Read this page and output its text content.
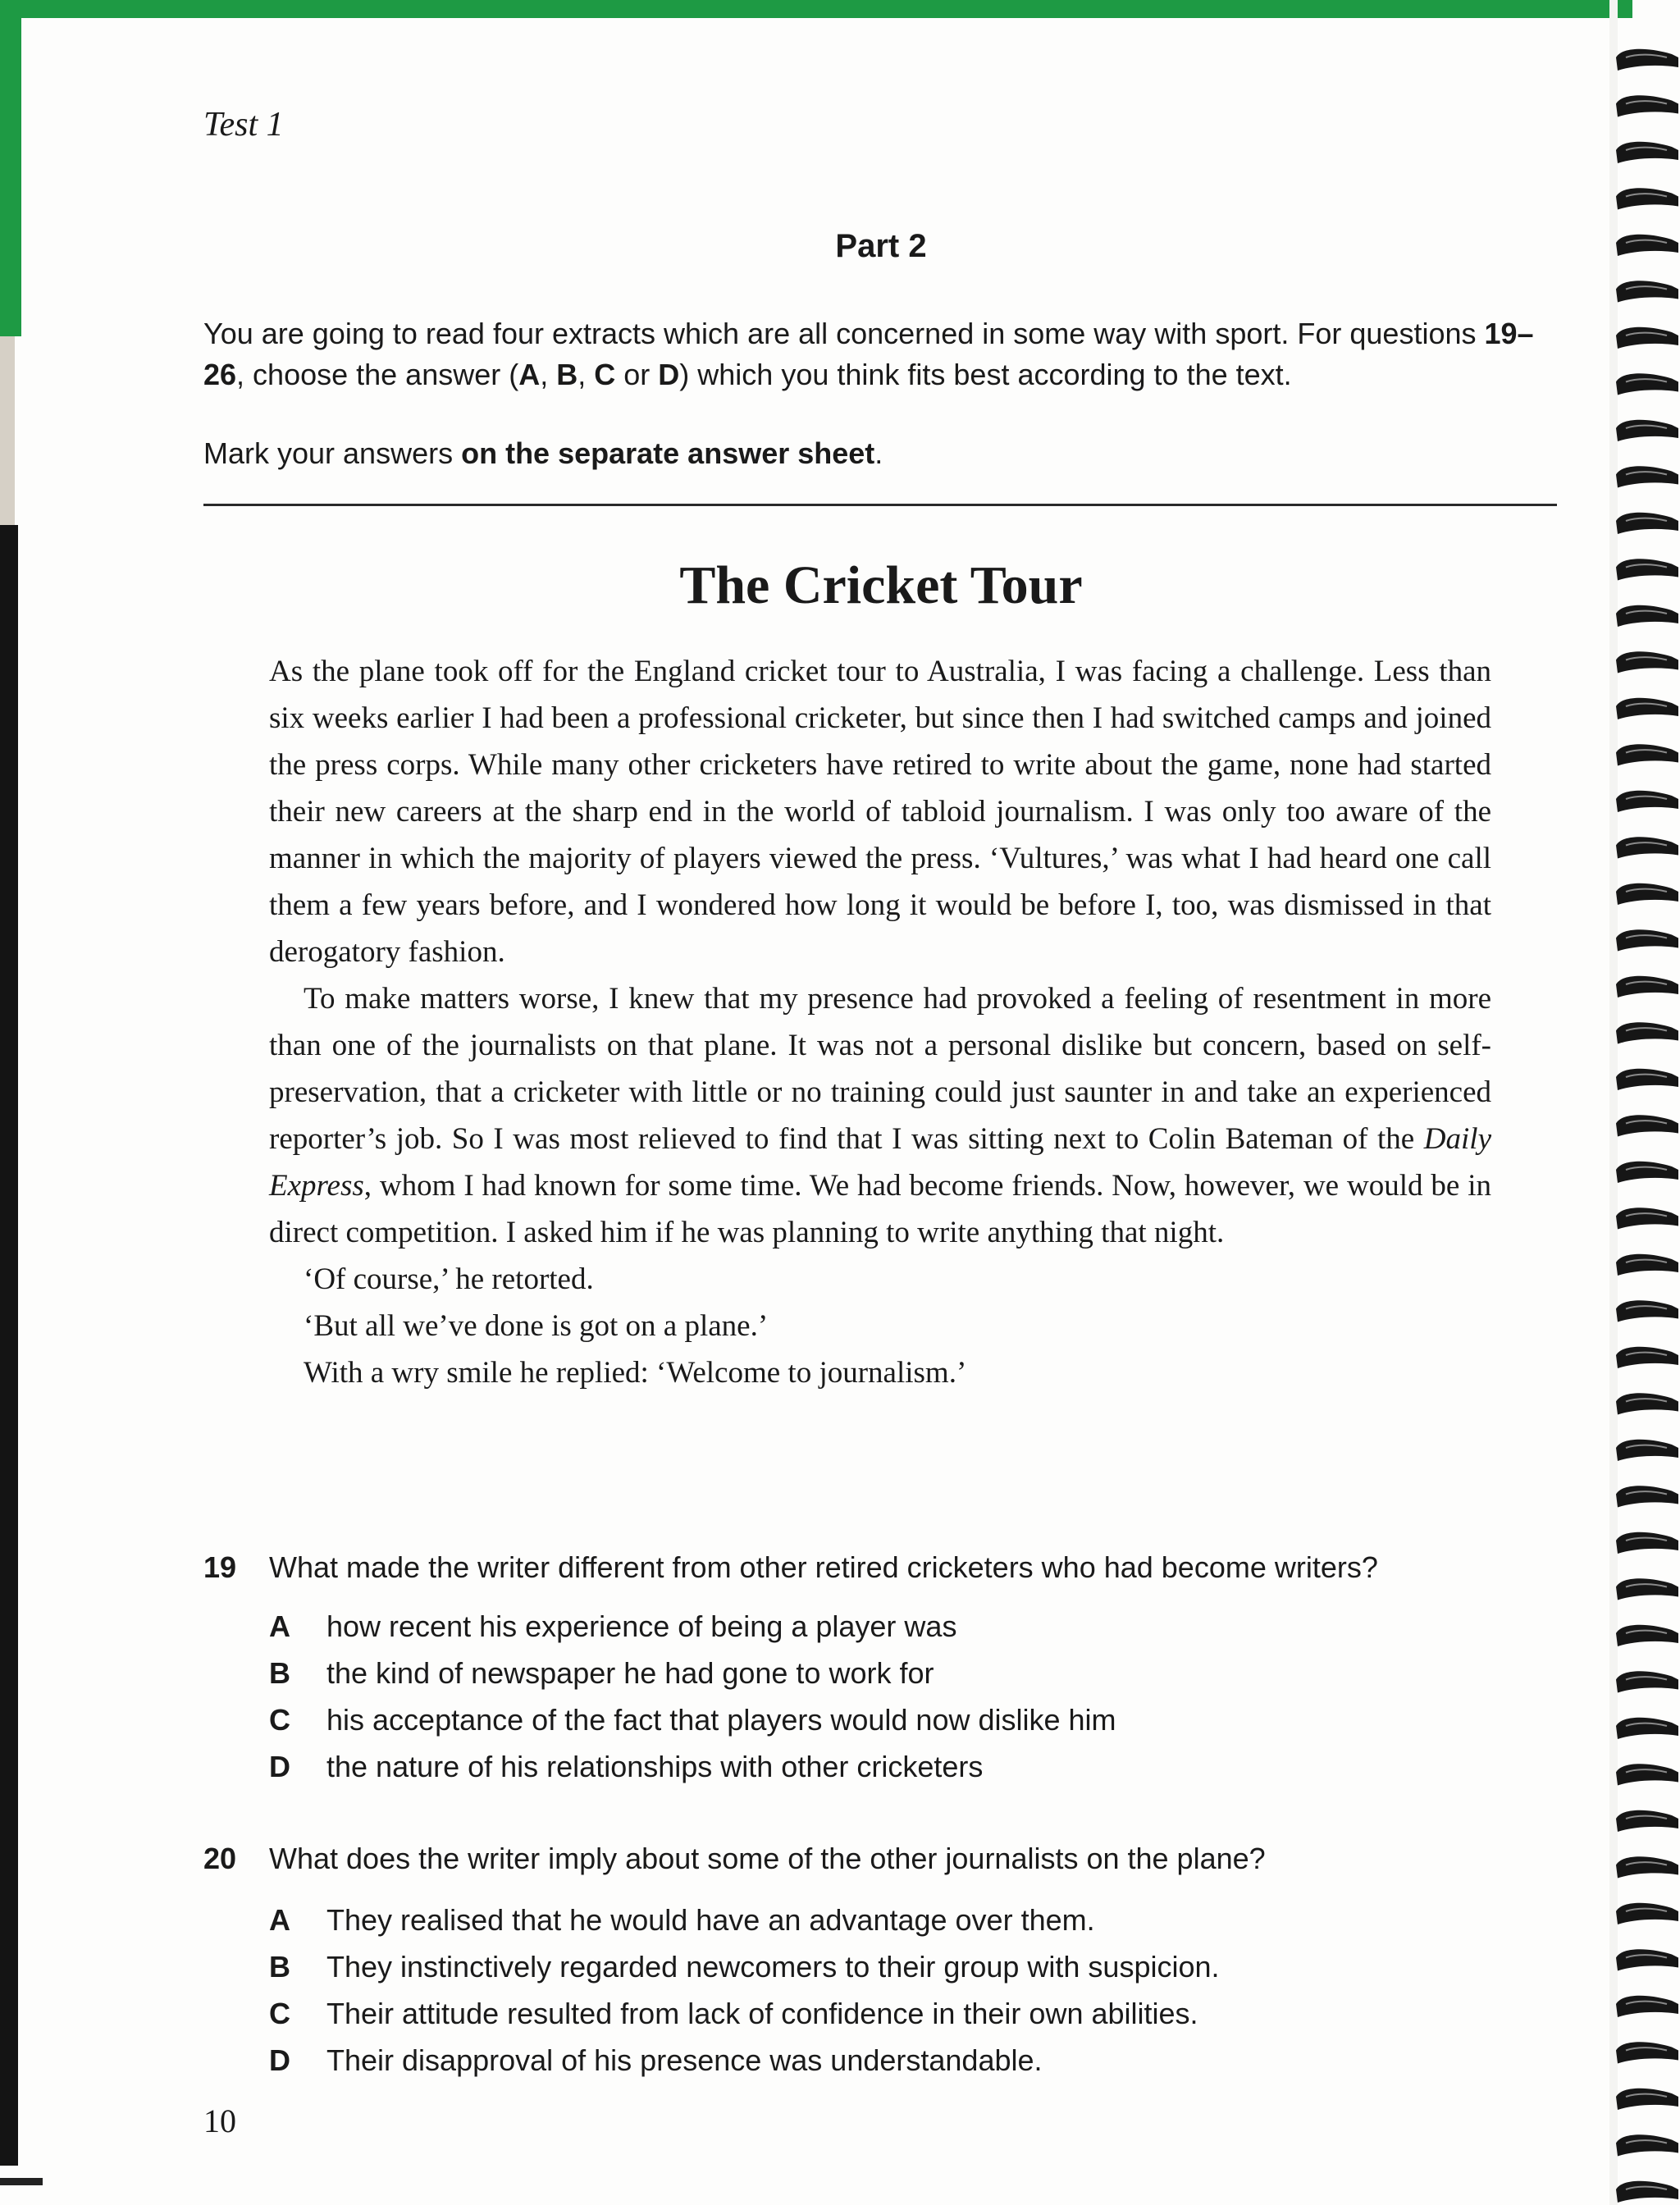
Test 1
Part 2

You are going to read four extracts which are all concerned in some way with sport. For questions 19–26, choose the answer (A, B, C or D) which you think fits best according to the text.

Mark your answers on the separate answer sheet.

The Cricket Tour

As the plane took off for the England cricket tour to Australia, I was facing a challenge. Less than six weeks earlier I had been a professional cricketer, but since then I had switched camps and joined the press corps. While many other cricketers have retired to write about the game, none had started their new careers at the sharp end in the world of tabloid journalism. I was only too aware of the manner in which the majority of players viewed the press. ‘Vultures,’ was what I had heard one call them a few years before, and I wondered how long it would be before I, too, was dismissed in that derogatory fashion.

To make matters worse, I knew that my presence had provoked a feeling of resentment in more than one of the journalists on that plane. It was not a personal dislike but concern, based on self-preservation, that a cricketer with little or no training could just saunter in and take an experienced reporter’s job. So I was most relieved to find that I was sitting next to Colin Bateman of the Daily Express, whom I had known for some time. We had become friends. Now, however, we would be in direct competition. I asked him if he was planning to write anything that night.

‘Of course,’ he retorted.

‘But all we’ve done is got on a plane.’

With a wry smile he replied: ‘Welcome to journalism.’

19 What made the writer different from other retired cricketers who had become writers?
A how recent his experience of being a player was
B the kind of newspaper he had gone to work for
C his acceptance of the fact that players would now dislike him
D the nature of his relationships with other cricketers
20 What does the writer imply about some of the other journalists on the plane?
A They realised that he would have an advantage over them.
B They instinctively regarded newcomers to their group with suspicion.
C Their attitude resulted from lack of confidence in their own abilities.
D Their disapproval of his presence was understandable.
10
